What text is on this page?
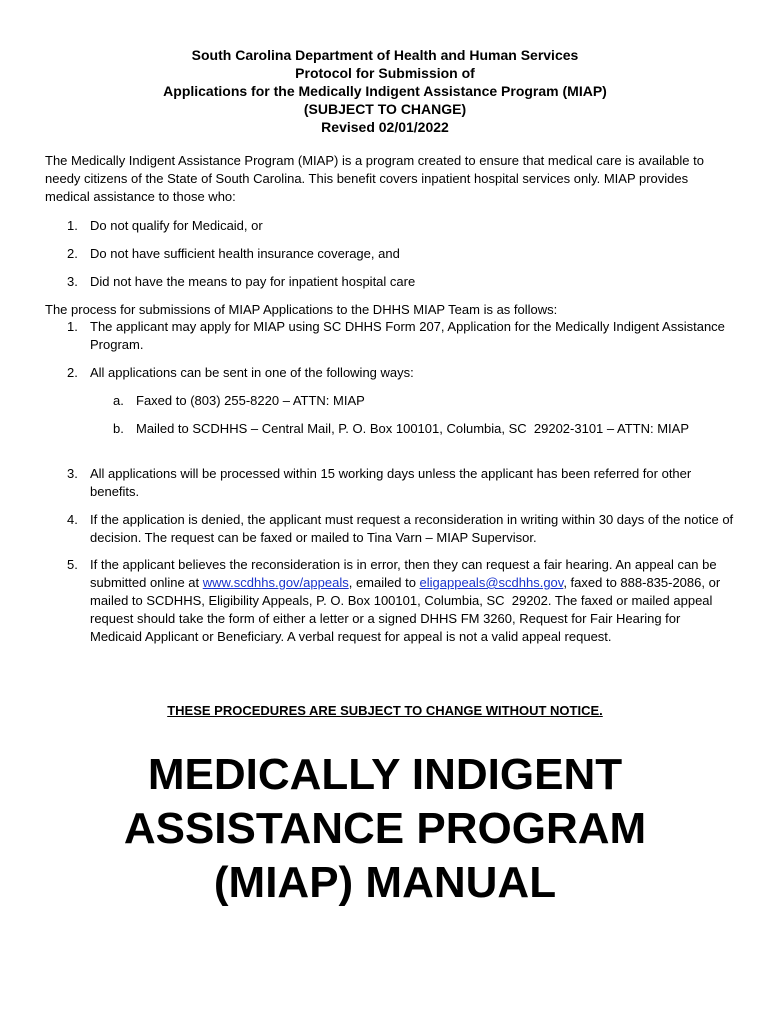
South Carolina Department of Health and Human Services
Protocol for Submission of
Applications for the Medically Indigent Assistance Program (MIAP)
(SUBJECT TO CHANGE)
Revised 02/01/2022
The Medically Indigent Assistance Program (MIAP) is a program created to ensure that medical care is available to needy citizens of the State of South Carolina. This benefit covers inpatient hospital services only. MIAP provides medical assistance to those who:
1. Do not qualify for Medicaid, or
2. Do not have sufficient health insurance coverage, and
3. Did not have the means to pay for inpatient hospital care
The process for submissions of MIAP Applications to the DHHS MIAP Team is as follows:
1. The applicant may apply for MIAP using SC DHHS Form 207, Application for the Medically Indigent Assistance Program.
2. All applications can be sent in one of the following ways:
a. Faxed to (803) 255-8220 – ATTN: MIAP
b. Mailed to SCDHHS – Central Mail, P. O. Box 100101, Columbia, SC  29202-3101 – ATTN: MIAP
3. All applications will be processed within 15 working days unless the applicant has been referred for other benefits.
4. If the application is denied, the applicant must request a reconsideration in writing within 30 days of the notice of decision. The request can be faxed or mailed to Tina Varn – MIAP Supervisor.
5. If the applicant believes the reconsideration is in error, then they can request a fair hearing. An appeal can be submitted online at www.scdhhs.gov/appeals, emailed to eligappeals@scdhhs.gov, faxed to 888-835-2086, or mailed to SCDHHS, Eligibility Appeals, P. O. Box 100101, Columbia, SC  29202. The faxed or mailed appeal request should take the form of either a letter or a signed DHHS FM 3260, Request for Fair Hearing for Medicaid Applicant or Beneficiary. A verbal request for appeal is not a valid appeal request.
THESE PROCEDURES ARE SUBJECT TO CHANGE WITHOUT NOTICE.
MEDICALLY INDIGENT
ASSISTANCE PROGRAM
(MIAP) MANUAL
